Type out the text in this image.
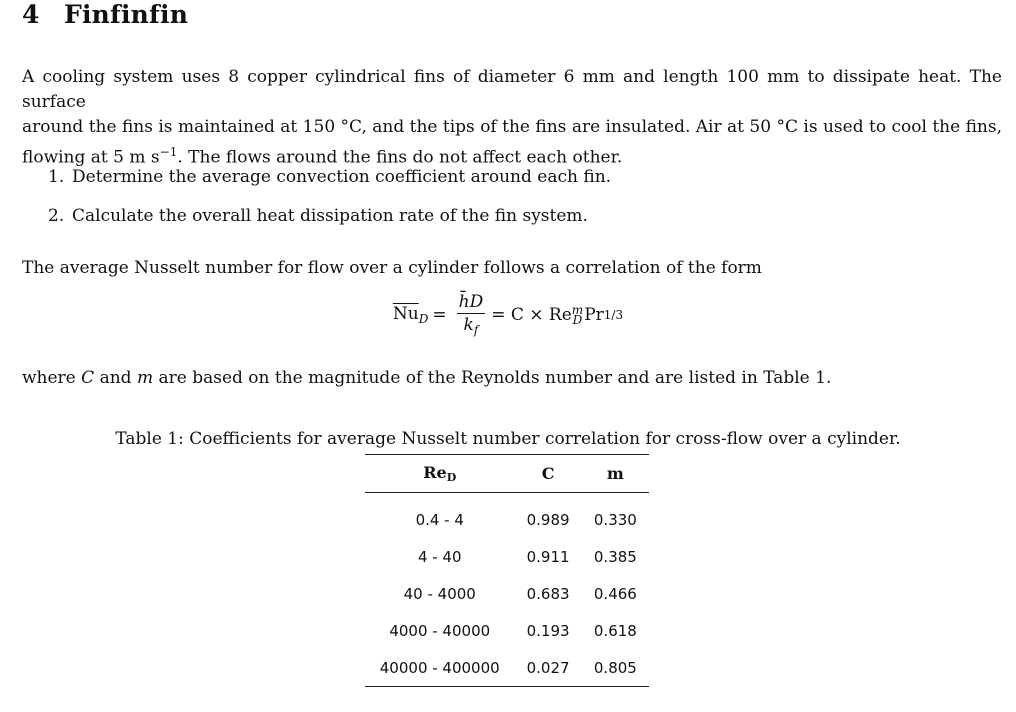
4 Finfinfin

A cooling system uses 8 copper cylindrical fins of diameter 6 mm and length 100 mm to dissipate heat. The surface
around the fins is maintained at 150 °C, and the tips of the fins are insulated. Air at 50 °C is used to cool the fins,
flowing at 5 m $s^{-1}$. The flows around the fins do not affect each other.

1. Determine the average convection coefficient around each fin.
2. Calculate the overall heat dissipation rate of the fin system.

The average Nusselt number for flow over a cylinder follows a correlation of the form

$\overline{Nu}_D = \frac{h̄D}{k_f} = C \times Re$ m
D Pr 1/3

where C and m are based on the magnitude of the Reynolds number and are listed in Table 1.

Table 1: Coefficients for average Nusselt number correlation for cross-flow over a cylinder.
$Re_D$	C	m
0.4 - 4	0.989	0.330
4 - 40	0.911	0.385
40 - 4000	0.683	0.466
4000 - 40000	0.193	0.618
40000 - 400000	0.027	0.805
